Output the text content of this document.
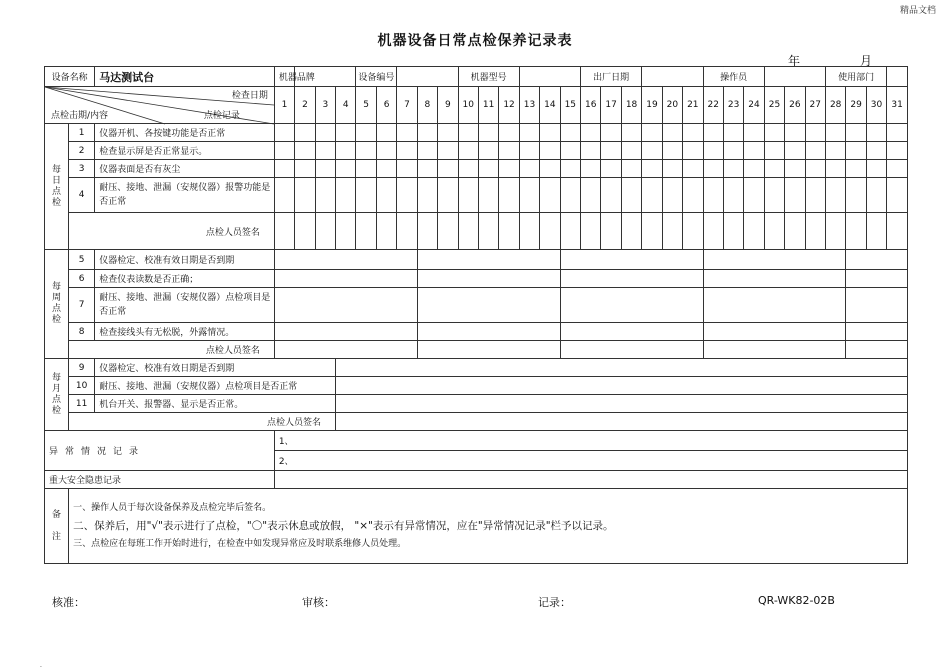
精品文档
机器设备日常点检保养记录表
年	月
设备名称		马达测试台	机器品牌				设备编号					机器型号						出厂日期						操作员						使用部门			

检查日期
点检击期/内容 点检记录			1	2	3	4	5	6	7	8	9	10	11	12	13	14	15	16	17	18	19	20	21	22	23	24	25	26	27	28	29	30	31
每日点检	1	仪器开机、各按键功能是否正常																															
	2	检查显示屏是否正常显示。																															
	3	仪器表面是否有灰尘																															
	4	耐压、接地、泄漏（安规仪器）报警功能是否正常																															
	点检人员签名																																
每周点检	5	仪器检定、校准有效日期是否到期																															
	6	检查仪表读数是否正确；																															
	7	耐压、接地、泄漏（安规仪器）点检项目是否正常																															
	8	检查接线头有无松脱，外露情况。																															
	点检人员签名																																
每月点检	9	仪器检定、校准有效日期是否到期																															
	10	耐压、接地、泄漏（安规仪器）点检项目是否正常																															
	11	机台开关、报警器、显示是否正常。																															
	点检人员签名																																
异常情况记录			1、																														
			2、																														
重大安全隐患记录																																	
备注	一、操作人员于每次设备保养及点检完毕后签名。
二、保养后，用"√"表示进行了点检，"〇"表示休息或放假， "×"表示有异常情况，应在"异常情况记录"栏予以记录。
三、点检应在每班工作开始时进行，在检查中如发现异常应及时联系维修人员处理。																																
核准：	审核：	记录：	QR-WK82-02B
·
